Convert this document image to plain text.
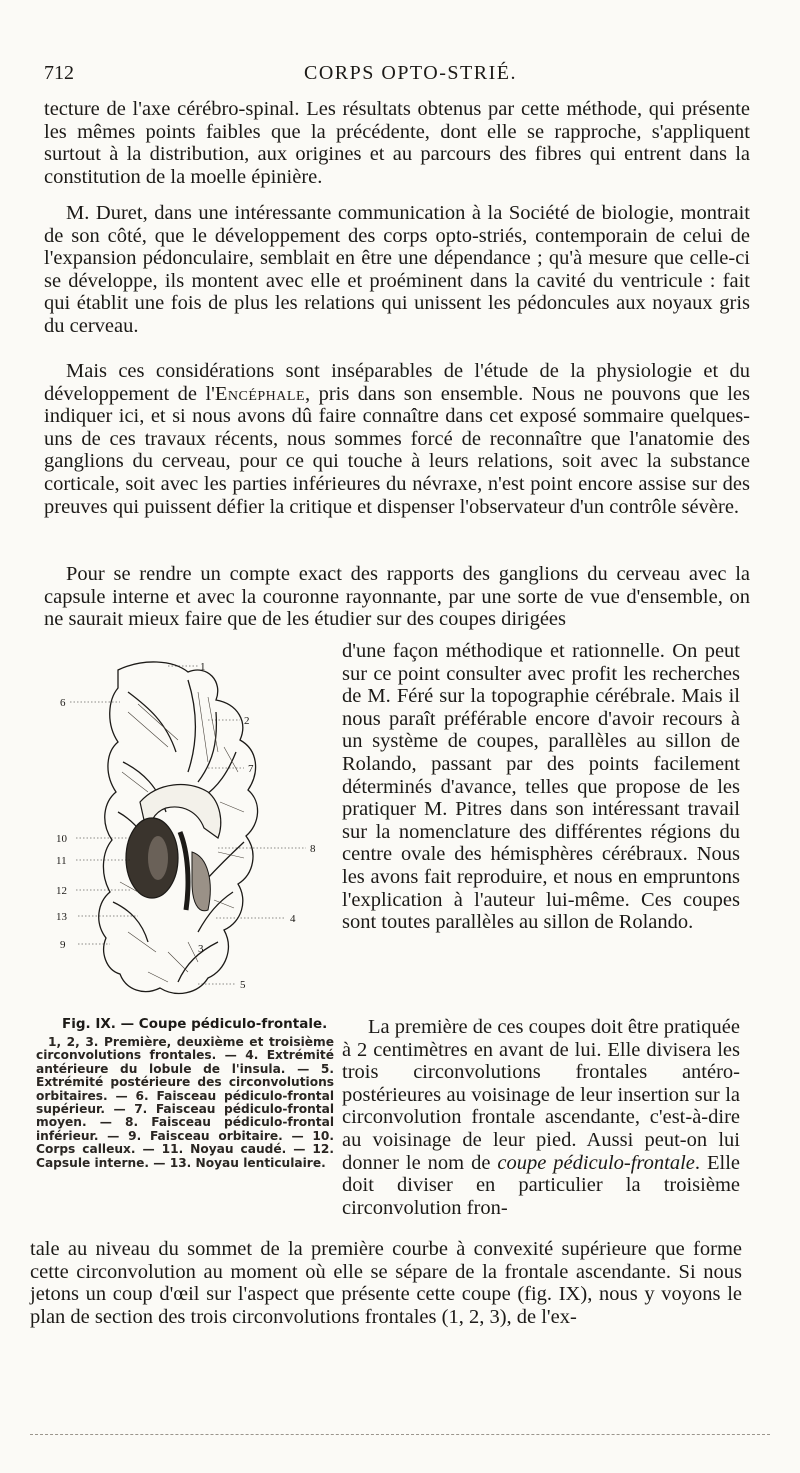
712	CORPS OPTO-STRIÉ.

tecture de l'axe cérébro-spinal. Les résultats obtenus par cette méthode, qui présente les mêmes points faibles que la précédente, dont elle se rapproche, s'appliquent surtout à la distribution, aux origines et au parcours des fibres qui entrent dans la constitution de la moelle épinière.

M. Duret, dans une intéressante communication à la Société de biologie, montrait de son côté, que le développement des corps opto-striés, contemporain de celui de l'expansion pédonculaire, semblait en être une dépendance ; qu'à mesure que celle-ci se développe, ils montent avec elle et proéminent dans la cavité du ventricule : fait qui établit une fois de plus les relations qui unissent les pédoncules aux noyaux gris du cerveau.

Mais ces considérations sont inséparables de l'étude de la physiologie et du développement de l'Encéphale, pris dans son ensemble. Nous ne pouvons que les indiquer ici, et si nous avons dû faire connaître dans cet exposé sommaire quelques-uns de ces travaux récents, nous sommes forcé de reconnaître que l'anatomie des ganglions du cerveau, pour ce qui touche à leurs relations, soit avec la substance corticale, soit avec les parties inférieures du névraxe, n'est point encore assise sur des preuves qui puissent défier la critique et dispenser l'observateur d'un contrôle sévère.

Pour se rendre un compte exact des rapports des ganglions du cerveau avec la capsule interne et avec la couronne rayonnante, par une sorte de vue d'ensemble, on ne saurait mieux faire que de les étudier sur des coupes dirigées

1
6
2
7
10
8
11
12
13	4
9
5
3
Fig. IX. — Coupe pédiculo-frontale.

1, 2, 3. Première, deuxième et troisième circonvolutions frontales. — 4. Extrémité antérieure du lobule de l'insula. — 5. Extrémité postérieure des circonvolutions orbitaires. — 6. Faisceau pédiculo-frontal supérieur. — 7. Faisceau pédiculo-frontal moyen. — 8. Faisceau pédiculo-frontal inférieur. — 9. Faisceau orbitaire. — 10. Corps calleux. — 11. Noyau caudé. — 12. Capsule interne. — 13. Noyau lenticulaire.

d'une façon méthodique et rationnelle. On peut sur ce point consulter avec profit les recherches de M. Féré sur la topographie cérébrale. Mais il nous paraît préférable encore d'avoir recours à un système de coupes, parallèles au sillon de Rolando, passant par des points facilement déterminés d'avance, telles que propose de les pratiquer M. Pitres dans son intéressant travail sur la nomenclature des différentes régions du centre ovale des hémisphères cérébraux. Nous les avons fait reproduire, et nous en empruntons l'explication à l'auteur lui-même. Ces coupes sont toutes parallèles au sillon de Rolando.

La première de ces coupes doit être pratiquée à 2 centimètres en avant de lui. Elle divisera les trois circonvolutions frontales antéro-postérieures au voisinage de leur insertion sur la circonvolution frontale ascendante, c'est-à-dire au voisinage de leur pied. Aussi peut-on lui donner le nom de coupe pédiculo-frontale. Elle doit diviser en particulier la troisième circonvolution fron-

tale au niveau du sommet de la première courbe à convexité supérieure que forme cette circonvolution au moment où elle se sépare de la frontale ascendante. Si nous jetons un coup d'œil sur l'aspect que présente cette coupe (fig. IX), nous y voyons le plan de section des trois circonvolutions frontales (1, 2, 3), de l'ex-
